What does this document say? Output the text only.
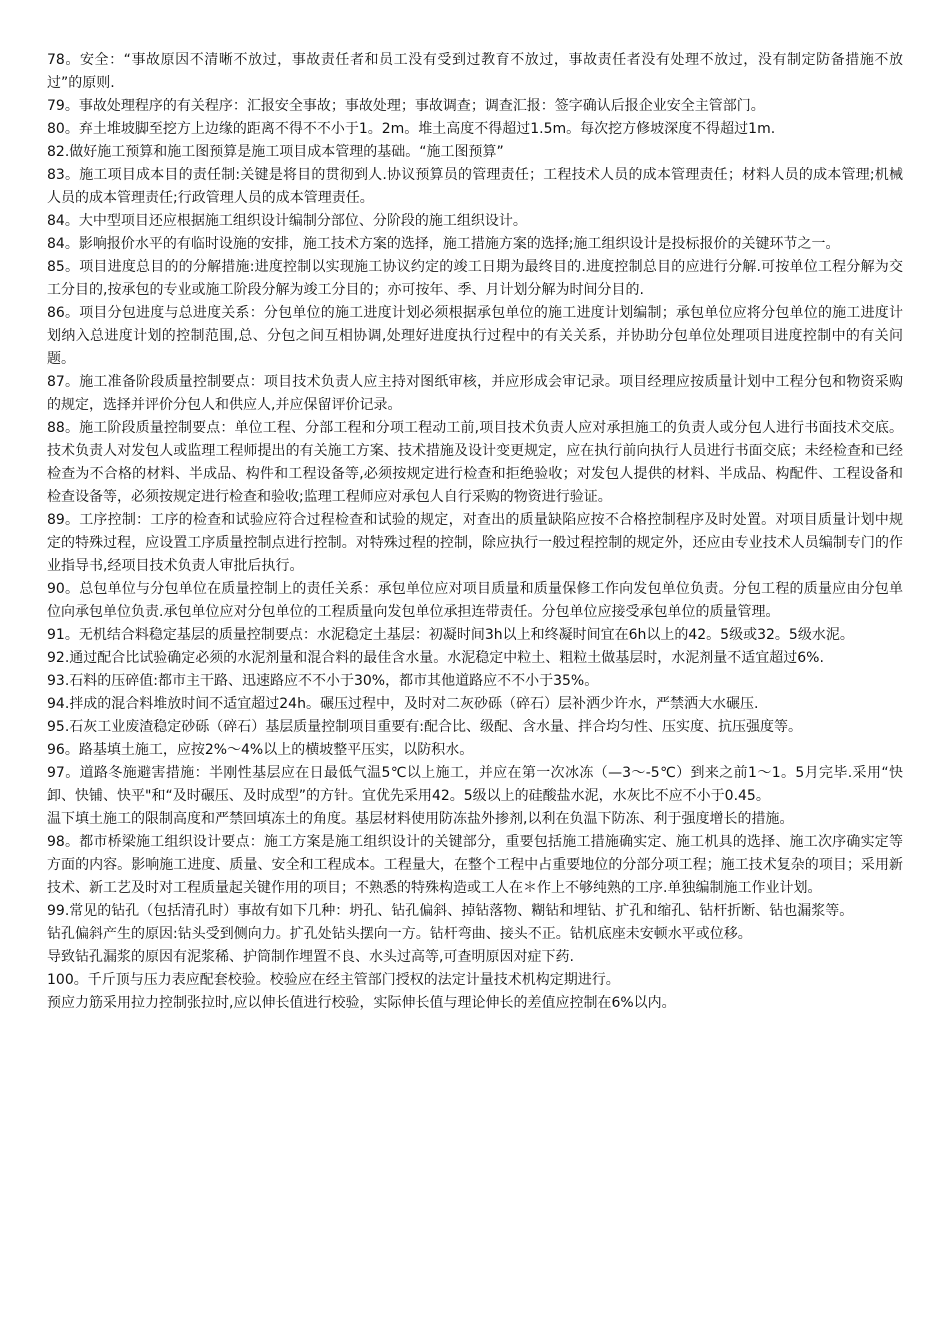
78。安全：“事故原因不清晰不放过，事故责任者和员工没有受到过教育不放过，事故责任者没有处理不放过，没有制定防备措施不放过”的原则.

79。事故处理程序的有关程序：汇报安全事故；事故处理；事故调查；调查汇报：签字确认后报企业安全主管部门。

80。弃土堆坡脚至挖方上边缘的距离不得不不小于1。2m。堆土高度不得超过1.5m。每次挖方修坡深度不得超过1m.

82.做好施工预算和施工图预算是施工项目成本管理的基础。“施工图预算”

83。施工项目成本目的责任制:关键是将目的贯彻到人.协议预算员的管理责任；工程技术人员的成本管理责任；材料人员的成本管理;机械人员的成本管理责任;行政管理人员的成本管理责任。

84。大中型项目还应根据施工组织设计编制分部位、分阶段的施工组织设计。

84。影响报价水平的有临时设施的安排，施工技术方案的选择，施工措施方案的选择;施工组织设计是投标报价的关键环节之一。

85。项目进度总目的的分解措施:进度控制以实现施工协议约定的竣工日期为最终目的.进度控制总目的应进行分解.可按单位工程分解为交工分目的,按承包的专业或施工阶段分解为竣工分目的；亦可按年、季、月计划分解为时间分目的.

86。项目分包进度与总进度关系：分包单位的施工进度计划必须根据承包单位的施工进度计划编制；承包单位应将分包单位的施工进度计划纳入总进度计划的控制范围,总、分包之间互相协调,处理好进度执行过程中的有关关系，并协助分包单位处理项目进度控制中的有关问题。

87。施工准备阶段质量控制要点：项目技术负责人应主持对图纸审核，并应形成会审记录。项目经理应按质量计划中工程分包和物资采购的规定，选择并评价分包人和供应人,并应保留评价记录。

88。施工阶段质量控制要点：单位工程、分部工程和分项工程动工前,项目技术负责人应对承担施工的负责人或分包人进行书面技术交底。技术负责人对发包人或监理工程师提出的有关施工方案、技术措施及设计变更规定，应在执行前向执行人员进行书面交底；未经检查和已经检查为不合格的材料、半成品、构件和工程设备等,必须按规定进行检查和拒绝验收；对发包人提供的材料、半成品、构配件、工程设备和检查设备等，必须按规定进行检查和验收;监理工程师应对承包人自行采购的物资进行验证。

89。工序控制：工序的检查和试验应符合过程检查和试验的规定，对查出的质量缺陷应按不合格控制程序及时处置。对项目质量计划中规定的特殊过程，应设置工序质量控制点进行控制。对特殊过程的控制，除应执行一般过程控制的规定外，还应由专业技术人员编制专门的作业指导书,经项目技术负责人审批后执行。

90。总包单位与分包单位在质量控制上的责任关系：承包单位应对项目质量和质量保修工作向发包单位负责。分包工程的质量应由分包单位向承包单位负责.承包单位应对分包单位的工程质量向发包单位承担连带责任。分包单位应接受承包单位的质量管理。

91。无机结合料稳定基层的质量控制要点：水泥稳定土基层：初凝时间3h以上和终凝时间宜在6h以上的42。5级或32。5级水泥。

92.通过配合比试验确定必须的水泥剂量和混合料的最佳含水量。水泥稳定中粒土、粗粒土做基层时，水泥剂量不适宜超过6%.

93.石料的压碎值:都市主干路、迅速路应不不小于30%，都市其他道路应不不小于35%。

94.拌成的混合料堆放时间不适宜超过24h。碾压过程中，及时对二灰砂砾（碎石）层补洒少许水，严禁洒大水碾压.

95.石灰工业废渣稳定砂砾（碎石）基层质量控制项目重要有:配合比、级配、含水量、拌合均匀性、压实度、抗压强度等。

96。路基填土施工，应按2%～4%以上的横坡整平压实，以防积水。

97。道路冬施避害措施：半刚性基层应在日最低气温5℃以上施工，并应在第一次冰冻（—3～-5℃）到来之前1～1。5月完毕.采用“快卸、快铺、快平"和“及时碾压、及时成型”的方针。宜优先采用42。5级以上的硅酸盐水泥，水灰比不应不小于0.45。

温下填土施工的限制高度和严禁回填冻土的角度。基层材料使用防冻盐外掺剂,以利在负温下防冻、利于强度增长的措施。

98。都市桥梁施工组织设计要点：施工方案是施工组织设计的关键部分，重要包括施工措施确实定、施工机具的选择、施工次序确实定等方面的内容。影响施工进度、质量、安全和工程成本。工程量大，在整个工程中占重要地位的分部分项工程；施工技术复杂的项目；采用新技术、新工艺及时对工程质量起关键作用的项目；不熟悉的特殊构造或工人在＊作上不够纯熟的工序.单独编制施工作业计划。

99.常见的钻孔（包括清孔时）事故有如下几种：坍孔、钻孔偏斜、掉钻落物、糊钻和埋钻、扩孔和缩孔、钻杆折断、钻也漏浆等。

钻孔偏斜产生的原因:钻头受到侧向力。扩孔处钻头摆向一方。钻杆弯曲、接头不正。钻机底座未安顿水平或位移。

导致钻孔漏浆的原因有泥浆稀、护筒制作埋置不良、水头过高等,可查明原因对症下药.

100。千斤顶与压力表应配套校验。校验应在经主管部门授权的法定计量技术机构定期进行。

预应力筋采用拉力控制张拉时,应以伸长值进行校验，实际伸长值与理论伸长的差值应控制在6%以内。
